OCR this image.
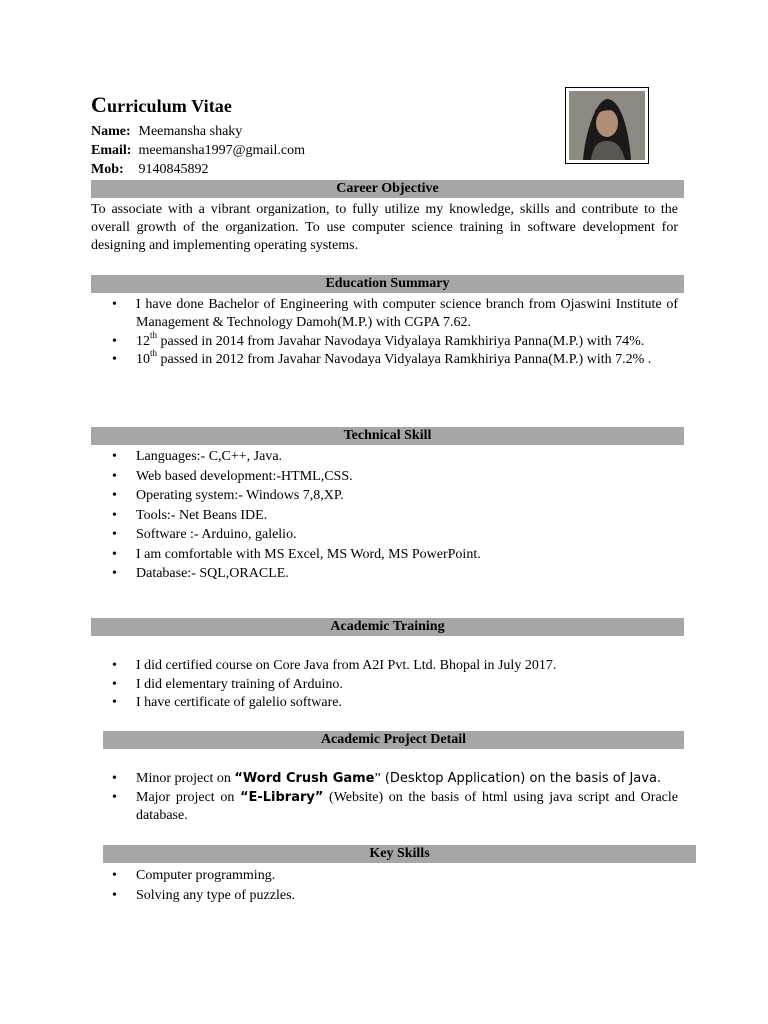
Curriculum Vitae
Name: Meemansha shaky
Email: meemansha1997@gmail.com
Mob: 9140845892
Career Objective
To associate with a vibrant organization, to fully utilize my knowledge, skills and contribute to the overall growth of the organization. To use computer science training in software development for designing and implementing operating systems.
Education Summary
• I have done Bachelor of Engineering with computer science branch from Ojaswini Institute of Management & Technology Damoh(M.P.) with CGPA 7.62.
• 12th passed in 2014 from Javahar Navodaya Vidyalaya Ramkhiriya Panna(M.P.) with 74%.
• 10th passed in 2012 from Javahar Navodaya Vidyalaya Ramkhiriya Panna(M.P.) with 7.2% .
Technical Skill
• Languages:- C,C++, Java.
• Web based development:-HTML,CSS.
• Operating system:- Windows 7,8,XP.
• Tools:- Net Beans IDE.
• Software :- Arduino, galelio.
• I am comfortable with MS Excel, MS Word, MS PowerPoint.
• Database:- SQL,ORACLE.
Academic Training
• I did certified course on Core Java from A2I Pvt. Ltd. Bhopal in July 2017.
• I did elementary training of Arduino.
• I have certificate of galelio software.
Academic Project Detail
• Minor project on “Word Crush Game” (Desktop Application) on the basis of Java.
• Major project on “E-Library” (Website) on the basis of html using java script and Oracle database.
Key Skills
• Computer programming.
• Solving any type of puzzles.
